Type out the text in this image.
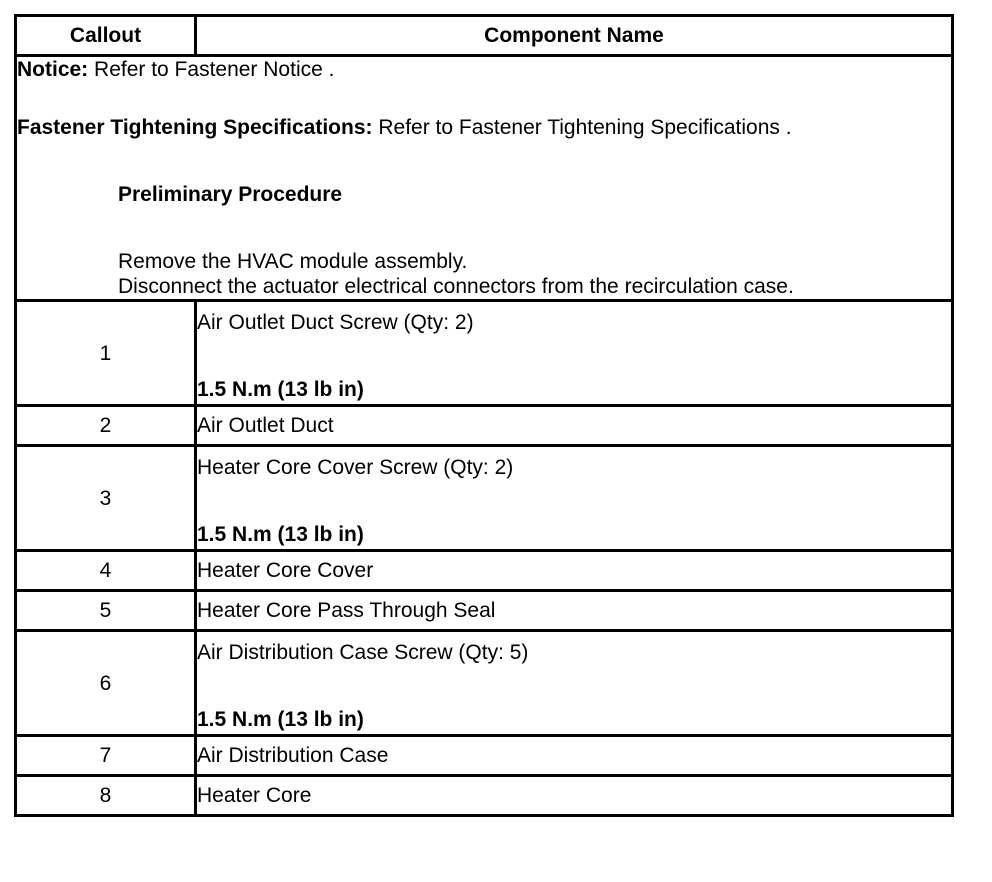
Callout	Component Name

Notice: Refer to Fastener Notice .

Fastener Tightening Specifications: Refer to Fastener Tightening Specifications .

Preliminary Procedure

Remove the HVAC module assembly.

Disconnect the actuator electrical connectors from the recirculation case.	

1	Air Outlet Duct Screw (Qty: 2)
1.5 N.m (13 lb in)

2	Air Outlet Duct
3	Heater Core Cover Screw (Qty: 2)
1.5 N.m (13 lb in)

4	Heater Core Cover
5	Heater Core Pass Through Seal
6	Air Distribution Case Screw (Qty: 5)
1.5 N.m (13 lb in)

7	Air Distribution Case
8	Heater Core
